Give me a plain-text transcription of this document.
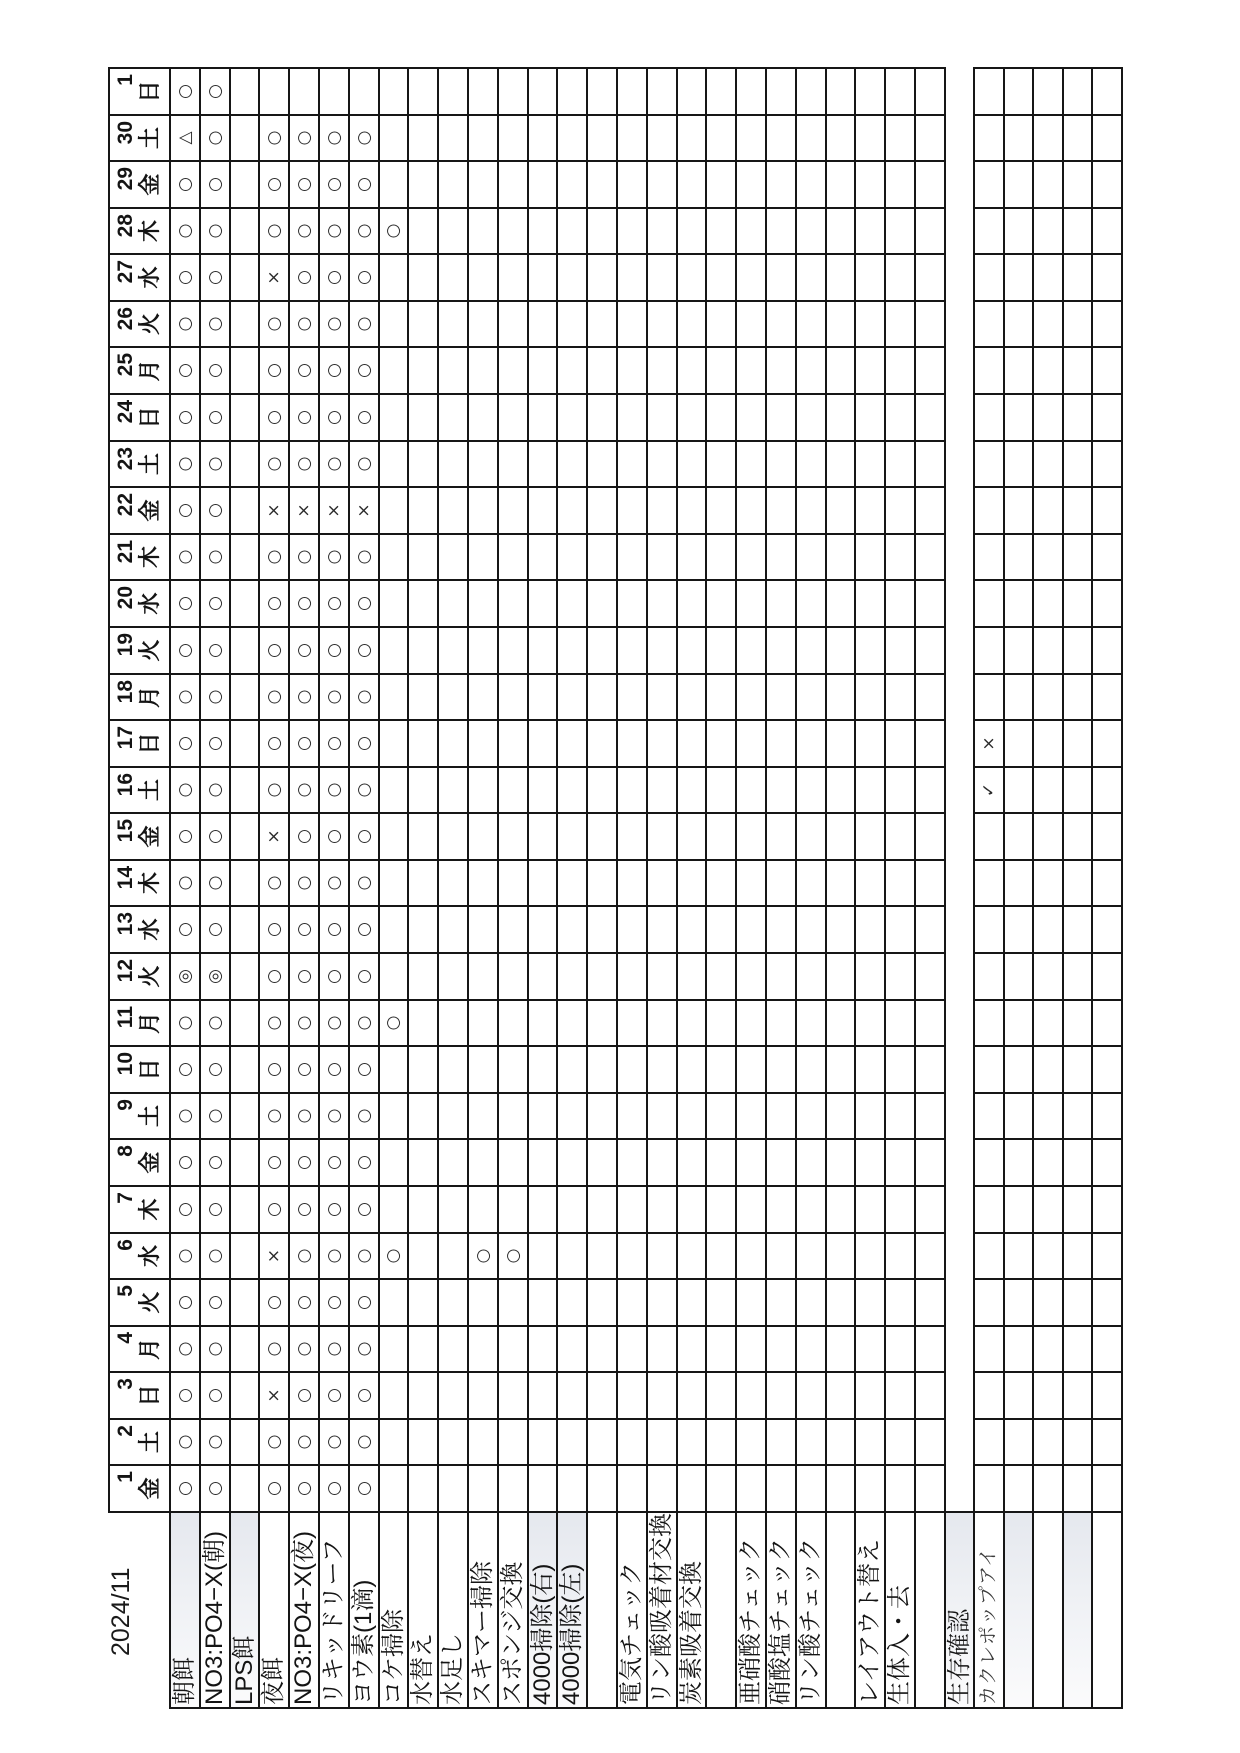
2024/11
1
金
2
土
3
日
4
月
5
火
6
水
7
木
8
金
9
土
10 日
11 月
12 火
13 水
14 木
15 金
16 土
17 日
18 月
19 火
20 水
21 木
22 金
23 土
24 日
25 月
26 火
27 水
28 木
29 金
30 土
1
日
朝餌
○
○
○
○
○
○
○
○
○
○
○
◎
○
○
○
○
○
○
○
○
○
○
○
○
○
○
○
○
○
△
○
NO3:PO4−X(朝)
○
○
○
○
○
○
○
○
○
○
○
◎
○
○
○
○
○
○
○
○
○
○
○
○
○
○
○
○
○
○
○
LPS餌 夜餌
○
○
×
○
○
×
○
○
○
○
○
○
○
○
×
○
○
○
○
○
○
×
○
○
○
○
×
○
○
○
NO3:PO4−X(夜)
○
○
○
○
○
○
○
○
○
○
○
○
○
○
○
○
○
○
○
○
○
×
○
○
○
○
○
○
○
○
リキッドリーフ
○
○
○
○
○
○
○
○
○
○
○
○
○
○
○
○
○
○
○
○
○
×
○
○
○
○
○
○
○
○
ヨウ素(1滴)
○
○
○
○
○
○
○
○
○
○
○
○
○
○
○
○
○
○
○
○
○
×
○
○
○
○
○
○
○
○
コケ掃除
○
○
○
水替え 水足し スキマー掃除
○
スポンジ交換
○
4000掃除(右) 4000掃除(左) 電気チェック リン酸吸着材交換 炭素吸着交換 亜硝酸チェック 硝酸塩チェック リン酸チェック レイアウト替え 生体入・去 生存確認 カクレポップアイ
✓
×
